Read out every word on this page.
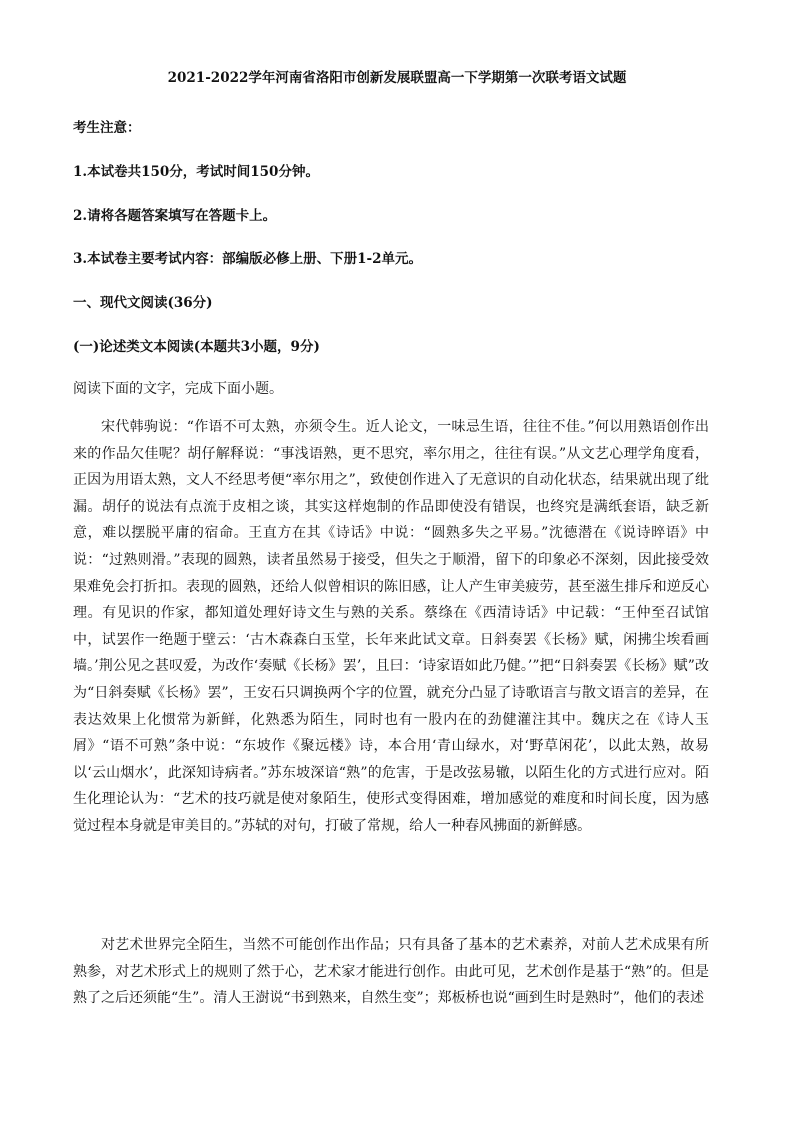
2021-2022学年河南省洛阳市创新发展联盟高一下学期第一次联考语文试题
考生注意：
1.本试卷共150分，考试时间150分钟。
2.请将各题答案填写在答题卡上。
3.本试卷主要考试内容：部编版必修上册、下册1-2单元。
一、现代文阅读(36分)
(一)论述类文本阅读(本题共3小题，9分)
阅读下面的文字，完成下面小题。

宋代韩驹说：“作语不可太熟，亦须令生。近人论文，一味忌生语，往往不佳。”何以用熟语创作出来的作品欠佳呢？胡仔解释说：“事浅语熟，更不思究，率尔用之，往往有误。”从文艺心理学角度看，正因为用语太熟，文人不经思考便“率尔用之”，致使创作进入了无意识的自动化状态，结果就出现了纰漏。胡仔的说法有点流于皮相之谈，其实这样炮制的作品即使没有错误，也终究是满纸套语，缺乏新意，难以摆脱平庸的宿命。王直方在其《诗话》中说：“圆熟多失之平易。”沈德潜在《说诗晬语》中说：“过熟则滑。”表现的圆熟，读者虽然易于接受，但失之于顺滑，留下的印象必不深刻，因此接受效果难免会打折扣。表现的圆熟，还给人似曾相识的陈旧感，让人产生审美疲劳，甚至滋生排斥和逆反心理。有见识的作家，都知道处理好诗文生与熟的关系。蔡绦在《西清诗话》中记载：“王仲至召试馆中，试罢作一绝题于壁云：‘古木森森白玉堂，长年来此试文章。日斜奏罢《长杨》赋，闲拂尘埃看画墙。’荆公见之甚叹爱，为改作‘奏赋《长杨》罢’，且曰：‘诗家语如此乃健。’”把“日斜奏罢《长杨》赋”改为“日斜奏赋《长杨》罢”，王安石只调换两个字的位置，就充分凸显了诗歌语言与散文语言的差异，在表达效果上化惯常为新鲜，化熟悉为陌生，同时也有一股内在的劲健灌注其中。魏庆之在《诗人玉屑》“语不可熟”条中说：“东坡作《聚远楼》诗，本合用‘青山绿水，对‘野草闲花’，以此太熟，故易以‘云山烟水’，此深知诗病者。”苏东坡深谙“熟”的危害，于是改弦易辙，以陌生化的方式进行应对。陌生化理论认为：“艺术的技巧就是使对象陌生，使形式变得困难，增加感觉的难度和时间长度，因为感觉过程本身就是审美目的。”苏轼的对句，打破了常规，给人一种春风拂面的新鲜感。

对艺术世界完全陌生，当然不可能创作出作品；只有具备了基本的艺术素养，对前人艺术成果有所熟参，对艺术形式上的规则了然于心，艺术家才能进行创作。由此可见，艺术创作是基于“熟”的。但是熟了之后还须能“生”。清人王澍说“书到熟来，自然生变”；郑板桥也说“画到生时是熟时”，他们的表述
